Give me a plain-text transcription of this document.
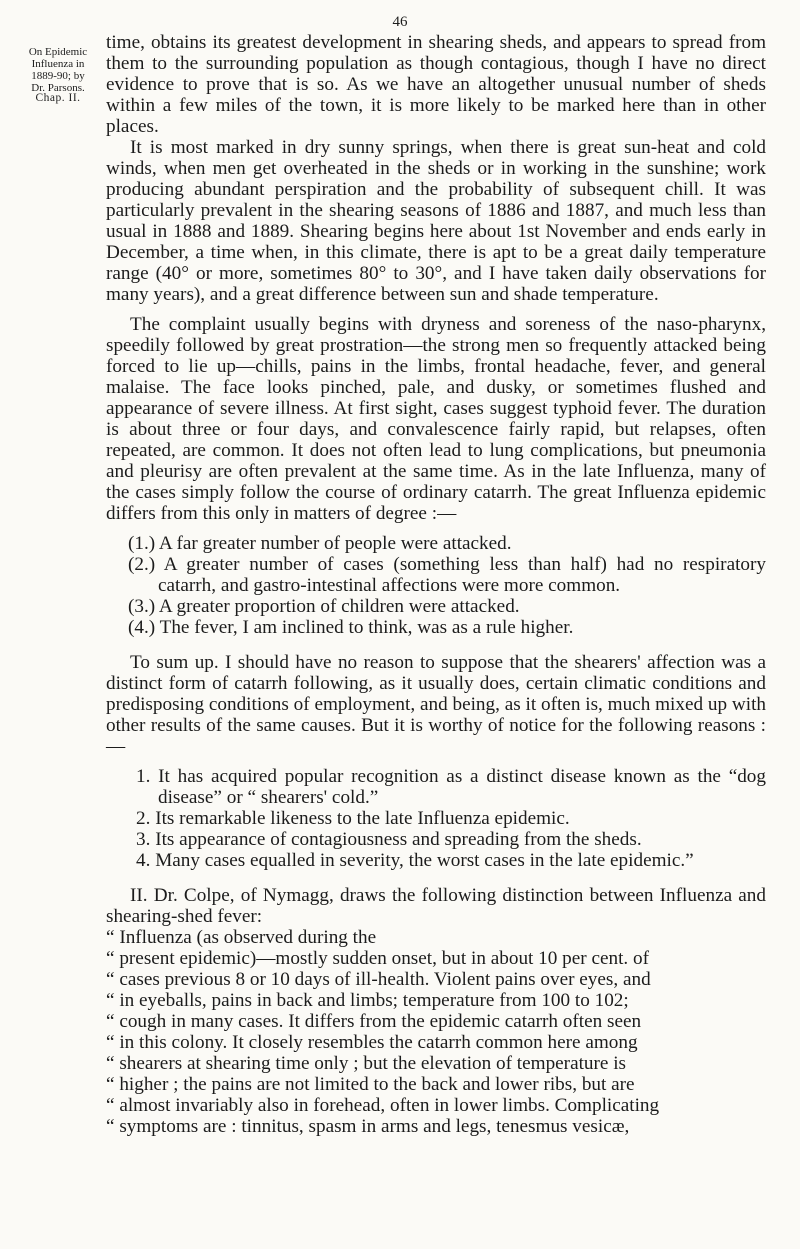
46
On Epidemic
Influenza in
1889-90; by
Dr. Parsons.
Chap. II.

time, obtains its greatest development in shearing sheds, and appears to spread from them to the surrounding population as though contagious, though I have no direct evidence to prove that is so. As we have an altogether unusual number of sheds within a few miles of the town, it is more likely to be marked here than in other places.

It is most marked in dry sunny springs, when there is great sun-heat and cold winds, when men get overheated in the sheds or in working in the sunshine; work producing abundant perspiration and the probability of subsequent chill. It was particularly prevalent in the shearing seasons of 1886 and 1887, and much less than usual in 1888 and 1889. Shearing begins here about 1st November and ends early in December, a time when, in this climate, there is apt to be a great daily temperature range (40° or more, sometimes 80° to 30°, and I have taken daily observations for many years), and a great difference between sun and shade temperature.

The complaint usually begins with dryness and soreness of the naso-pharynx, speedily followed by great prostration—the strong men so frequently attacked being forced to lie up—chills, pains in the limbs, frontal headache, fever, and general malaise. The face looks pinched, pale, and dusky, or sometimes flushed and appearance of severe illness. At first sight, cases suggest typhoid fever. The duration is about three or four days, and convalescence fairly rapid, but relapses, often repeated, are common. It does not often lead to lung complications, but pneumonia and pleurisy are often prevalent at the same time. As in the late Influenza, many of the cases simply follow the course of ordinary catarrh. The great Influenza epidemic differs from this only in matters of degree :—

(1.) A far greater number of people were attacked.

(2.) A greater number of cases (something less than half) had no respiratory catarrh, and gastro-intestinal affections were more common.

(3.) A greater proportion of children were attacked.

(4.) The fever, I am inclined to think, was as a rule higher.

To sum up. I should have no reason to suppose that the shearers' affection was a distinct form of catarrh following, as it usually does, certain climatic conditions and predisposing conditions of employment, and being, as it often is, much mixed up with other results of the same causes. But it is worthy of notice for the following reasons :—

1. It has acquired popular recognition as a distinct disease known as the “dog disease” or “ shearers' cold.”

2. Its remarkable likeness to the late Influenza epidemic.

3. Its appearance of contagiousness and spreading from the sheds.

4. Many cases equalled in severity, the worst cases in the late epidemic.”

II. Dr. Colpe, of Nymagg, draws the following distinction between Influenza and shearing-shed fever:

“ Influenza (as observed during the
“ present epidemic)—mostly sudden onset, but in about 10 per cent. of
“ cases previous 8 or 10 days of ill-health. Violent pains over eyes, and
“ in eyeballs, pains in back and limbs; temperature from 100 to 102;
“ cough in many cases. It differs from the epidemic catarrh often seen
“ in this colony. It closely resembles the catarrh common here among
“ shearers at shearing time only ; but the elevation of temperature is
“ higher ; the pains are not limited to the back and lower ribs, but are
“ almost invariably also in forehead, often in lower limbs. Complicating
“ symptoms are : tinnitus, spasm in arms and legs, tenesmus vesicæ,
